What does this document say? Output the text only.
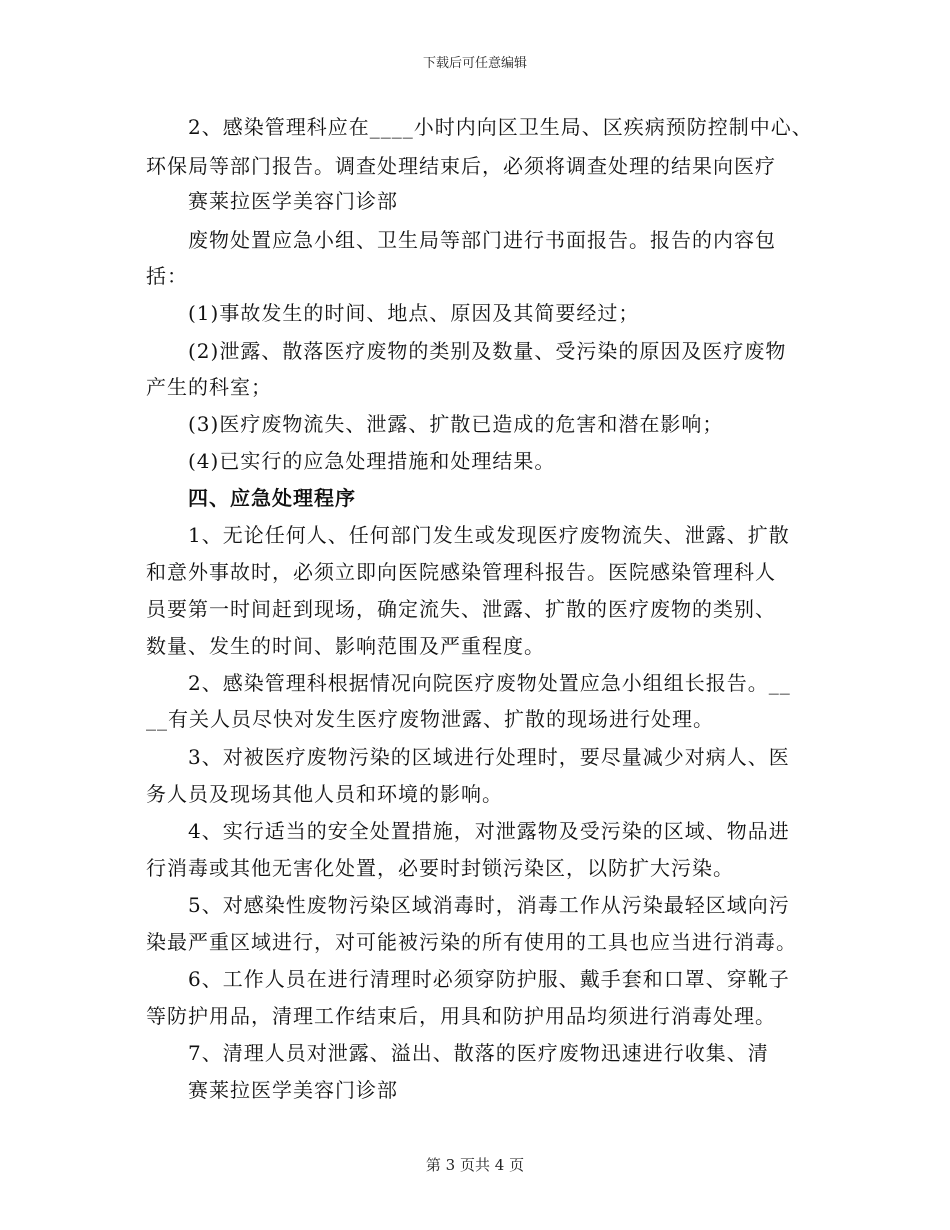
下载后可任意编辑
2、感染管理科应在____小时内向区卫生局、区疾病预防控制中心、
环保局等部门报告。调查处理结束后，必须将调查处理的结果向医疗
赛莱拉医学美容门诊部
废物处置应急小组、卫生局等部门进行书面报告。报告的内容包
括：
(1)事故发生的时间、地点、原因及其简要经过；
(2)泄露、散落医疗废物的类别及数量、受污染的原因及医疗废物
产生的科室；
(3)医疗废物流失、泄露、扩散已造成的危害和潜在影响；
(4)已实行的应急处理措施和处理结果。
四、应急处理程序
1、无论任何人、任何部门发生或发现医疗废物流失、泄露、扩散
和意外事故时，必须立即向医院感染管理科报告。医院感染管理科人
员要第一时间赶到现场，确定流失、泄露、扩散的医疗废物的类别、
数量、发生的时间、影响范围及严重程度。
2、感染管理科根据情况向院医疗废物处置应急小组组长报告。__
__有关人员尽快对发生医疗废物泄露、扩散的现场进行处理。
3、对被医疗废物污染的区域进行处理时，要尽量减少对病人、医
务人员及现场其他人员和环境的影响。
4、实行适当的安全处置措施，对泄露物及受污染的区域、物品进
行消毒或其他无害化处置，必要时封锁污染区，以防扩大污染。
5、对感染性废物污染区域消毒时，消毒工作从污染最轻区域向污
染最严重区域进行，对可能被污染的所有使用的工具也应当进行消毒。
6、工作人员在进行清理时必须穿防护服、戴手套和口罩、穿靴子
等防护用品，清理工作结束后，用具和防护用品均须进行消毒处理。
7、清理人员对泄露、溢出、散落的医疗废物迅速进行收集、清
赛莱拉医学美容门诊部
第 3 页共 4 页
